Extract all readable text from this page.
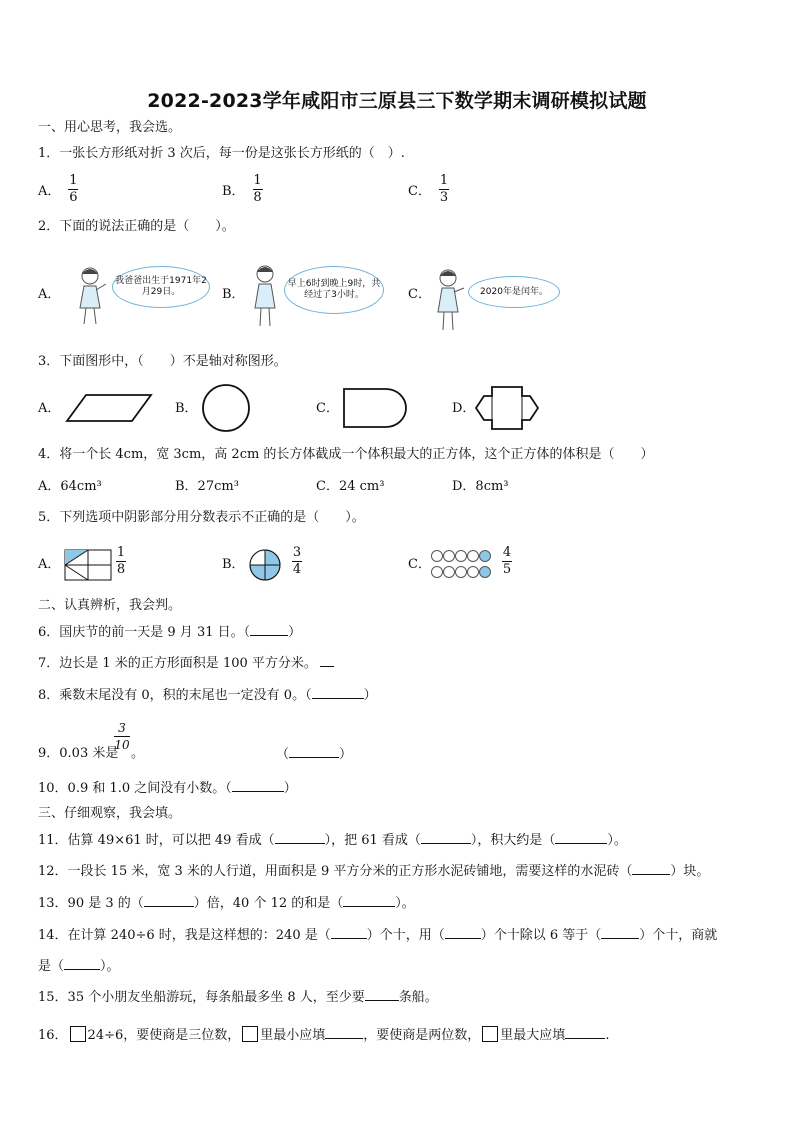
2022-2023学年咸阳市三原县三下数学期末调研模拟试题
一、用心思考，我会选。
1．一张长方形纸对折 3 次后，每一份是这张长方形纸的（　）.
A． $\frac{1}{6}$	B． $\frac{1}{8}$	C． $\frac{1}{3}$
2．下面的说法正确的是（　　）。
A．
我爸爸出生于1971年2月29日。	B．
早上6时到晚上9时，共经过了3小时。	C．	2020年是闰年。
3．下面图形中，（　　）不是轴对称图形。
A．	B．	C．	D．
4．将一个长 4cm，宽 3cm，高 2cm 的长方体截成一个体积最大的正方体，这个正方体的体积是（　　）
A．64cm³	B．27cm³	C．24 cm³	D．8cm³
5．下列选项中阴影部分用分数表示不正确的是（　　）。
A．
1
8	B．
3
4	C．
4
5
二、认真辨析，我会判。
6．国庆节的前一天是 9 月 31 日。（	）
7．边长是 1 米的正方形面积是 100 平方分米。
8．乘数末尾没有 0，积的末尾也一定没有 0。（	）
9．0.03 米是
3
10
。	（	）
10．0.9 和 1.0 之间没有小数。（	）
三、仔细观察，我会填。
11．估算 49×61 时，可以把 49 看成（	），把 61 看成（	），积大约是（	）。
12．一段长 15 米，宽 3 米的人行道，用面积是 9 平方分米的正方形水泥砖铺地，需要这样的水泥砖（	）块。
13．90 是 3 的（	）倍，40 个 12 的和是（	）。
14．在计算 240÷6 时，我是这样想的：240 是（	）个十，用（	）个十除以 6 等于（	）个十，商就
是（	）。
15．35 个小朋友坐船游玩，每条船最多坐 8 人，至少要	条船。
16． 24÷6，要使商是三位数， 里最小应填	，要使商是两位数， 里最大应填	.
